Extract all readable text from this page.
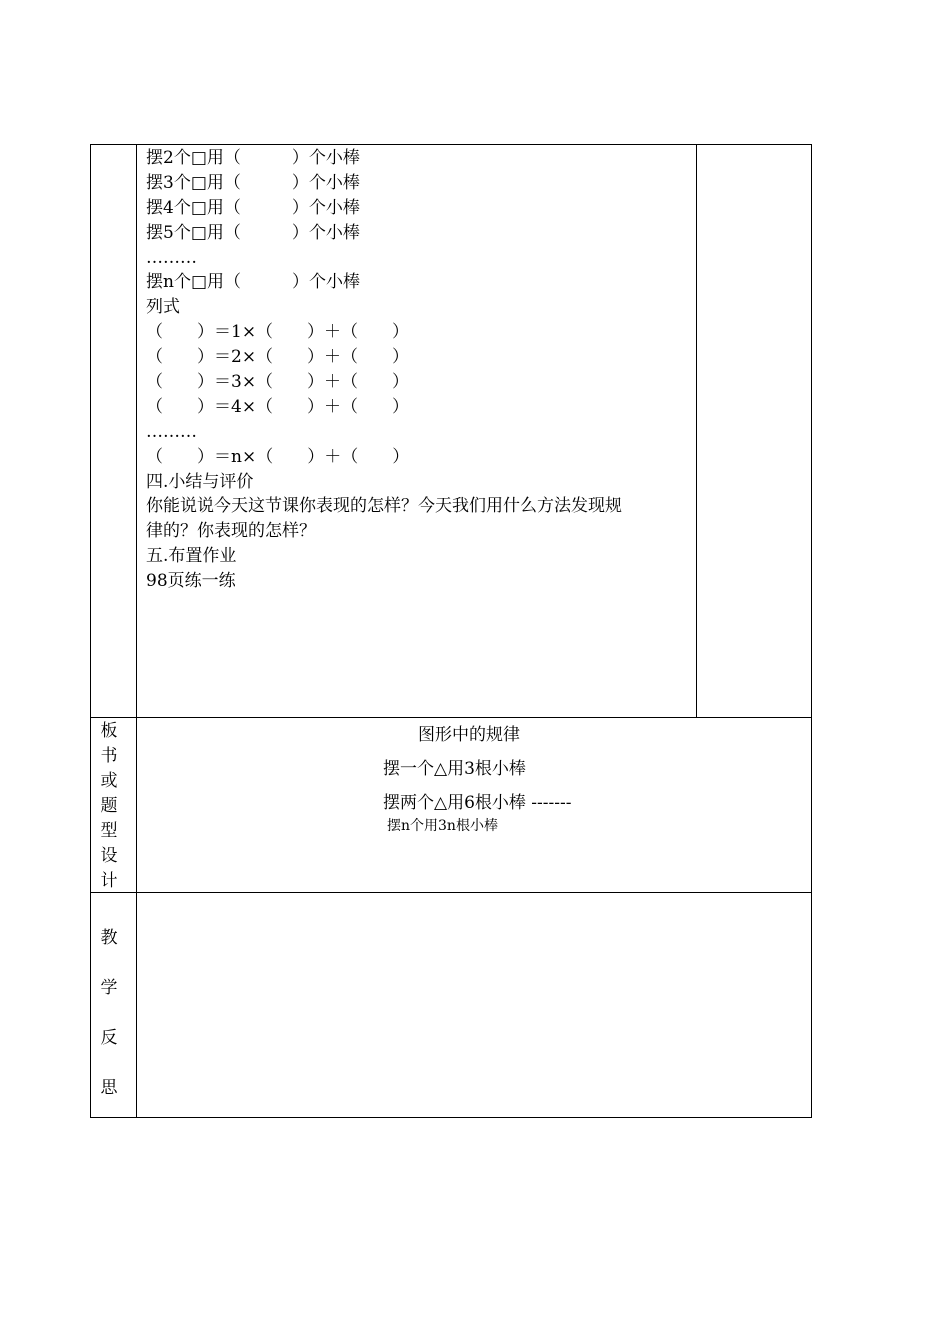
摆2个□用（　　　）个小棒
摆3个□用（　　　）个小棒
摆4个□用（　　　）个小棒
摆5个□用（　　　）个小棒
………
摆n个□用（　　　）个小棒
列式
（　　）＝1×（　　）＋（　　）
（　　）＝2×（　　）＋（　　）
（　　）＝3×（　　）＋（　　）
（　　）＝4×（　　）＋（　　）
………
（　　）＝n×（　　）＋（　　）
四.小结与评价
你能说说今天这节课你表现的怎样？今天我们用什么方法发现规
律的？你表现的怎样？
五.布置作业
98页练一练
板
书
或
题
型
设
计
图形中的规律
摆一个△用3根小棒
摆两个△用6根小棒 -------
摆n个用3n根小棒
教
学
反
思
